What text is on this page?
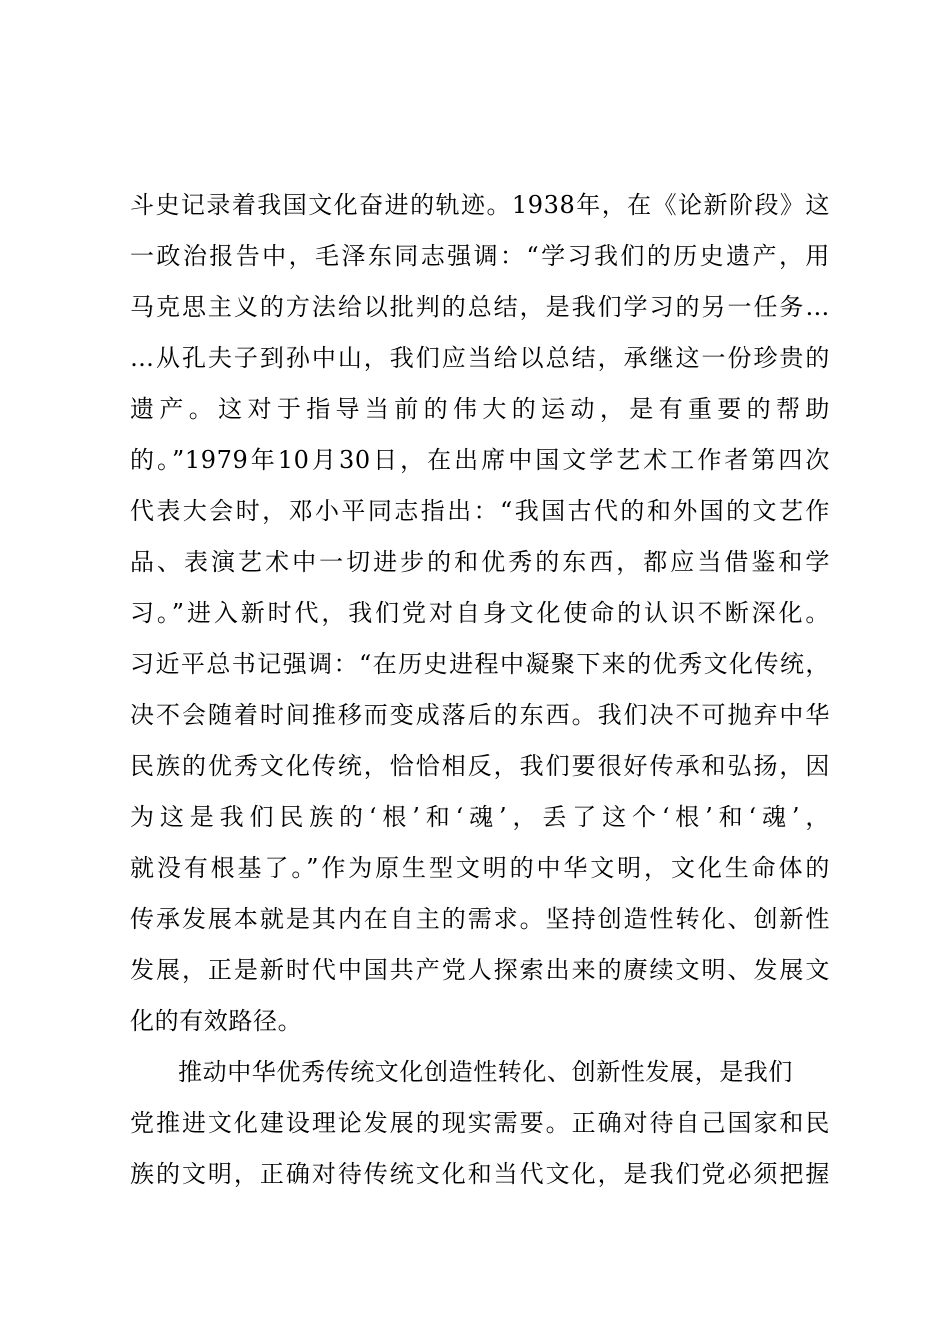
斗史记录着我国文化奋进的轨迹。1938年，在《论新阶段》这
一政治报告中，毛泽东同志强调：“学习我们的历史遗产，用
马克思主义的方法给以批判的总结，是我们学习的另一任务…
…从孔夫子到孙中山，我们应当给以总结，承继这一份珍贵的
遗产。这对于指导当前的伟大的运动，是有重要的帮助
的。”1979年10月30日，在出席中国文学艺术工作者第四次
代表大会时，邓小平同志指出：“我国古代的和外国的文艺作
品、表演艺术中一切进步的和优秀的东西，都应当借鉴和学
习。”进入新时代，我们党对自身文化使命的认识不断深化。
习近平总书记强调：“在历史进程中凝聚下来的优秀文化传统，
决不会随着时间推移而变成落后的东西。我们决不可抛弃中华
民族的优秀文化传统，恰恰相反，我们要很好传承和弘扬，因
为这是我们民族的‘根’和‘魂’，丢了这个‘根’和‘魂’，
就没有根基了。”作为原生型文明的中华文明，文化生命体的
传承发展本就是其内在自主的需求。坚持创造性转化、创新性
发展，正是新时代中国共产党人探索出来的赓续文明、发展文
化的有效路径。
推动中华优秀传统文化创造性转化、创新性发展，是我们
党推进文化建设理论发展的现实需要。正确对待自己国家和民
族的文明，正确对待传统文化和当代文化，是我们党必须把握
